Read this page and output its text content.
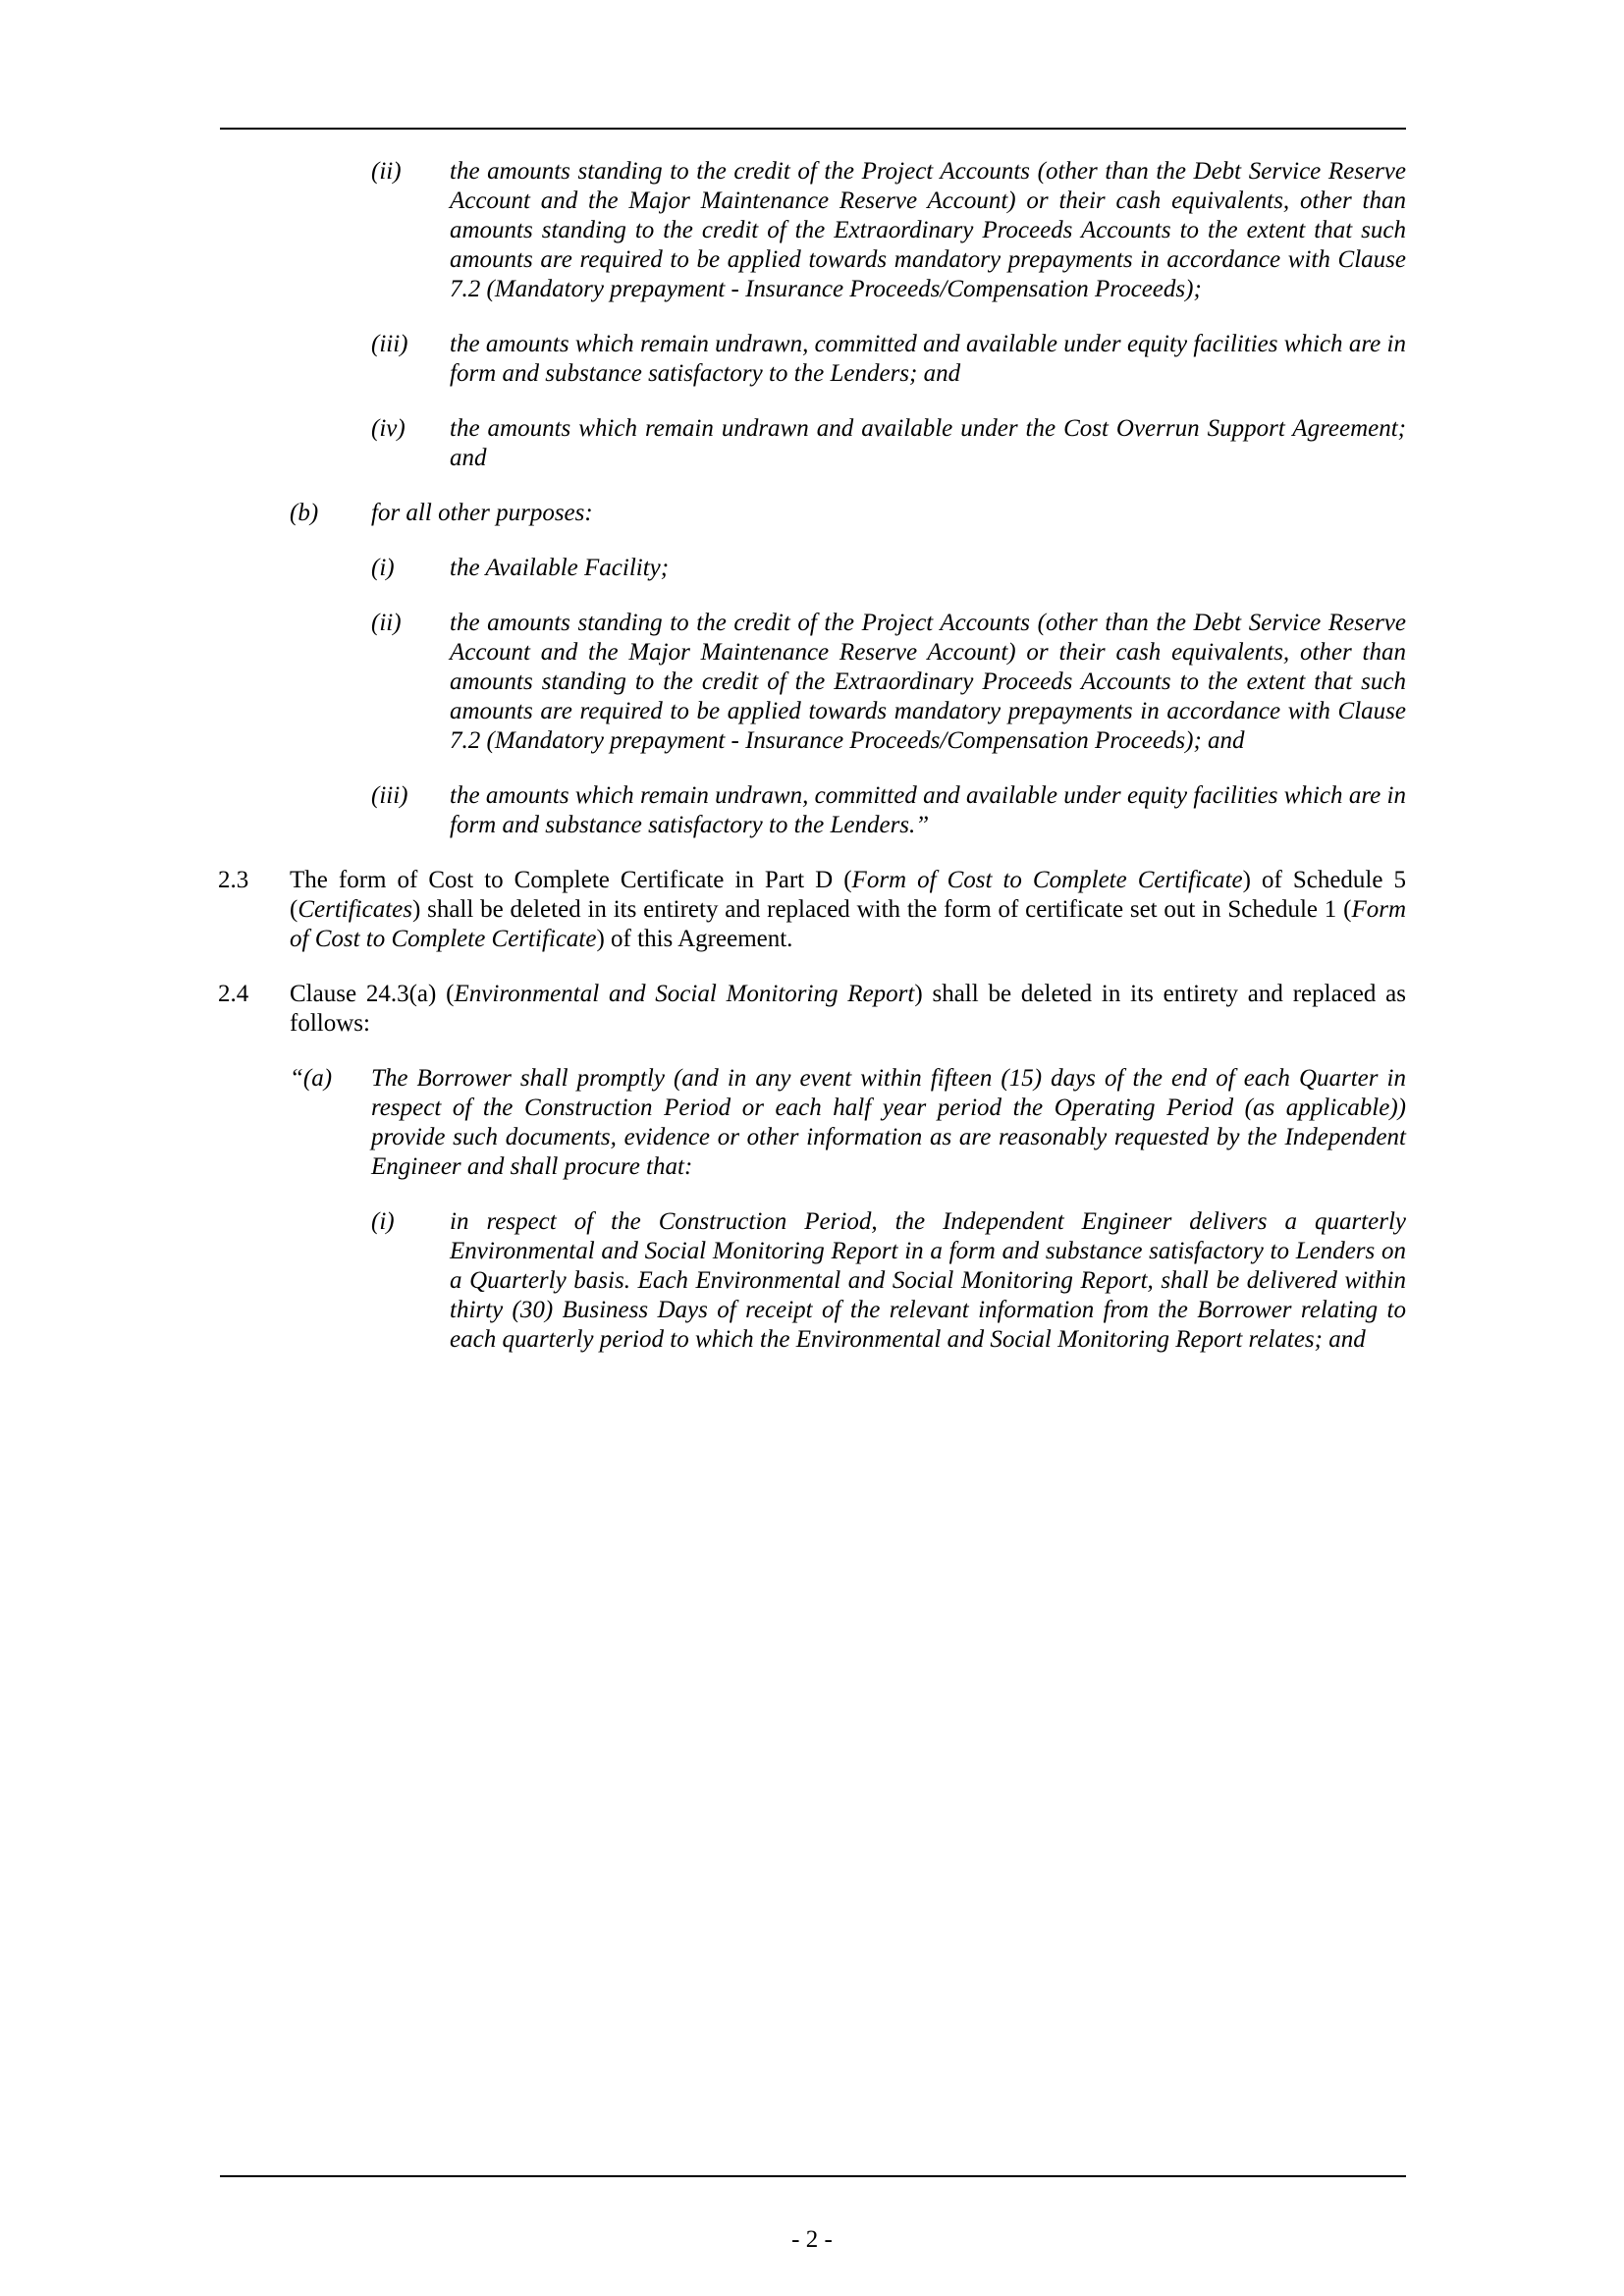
(ii)	the amounts standing to the credit of the Project Accounts (other than the Debt Service Reserve Account and the Major Maintenance Reserve Account) or their cash equivalents, other than amounts standing to the credit of the Extraordinary Proceeds Accounts to the extent that such amounts are required to be applied towards mandatory prepayments in accordance with Clause 7.2 (Mandatory prepayment - Insurance Proceeds/Compensation Proceeds);
(iii)	the amounts which remain undrawn, committed and available under equity facilities which are in form and substance satisfactory to the Lenders; and
(iv)	the amounts which remain undrawn and available under the Cost Overrun Support Agreement; and
(b)	for all other purposes:
(i)	the Available Facility;
(ii)	the amounts standing to the credit of the Project Accounts (other than the Debt Service Reserve Account and the Major Maintenance Reserve Account) or their cash equivalents, other than amounts standing to the credit of the Extraordinary Proceeds Accounts to the extent that such amounts are required to be applied towards mandatory prepayments in accordance with Clause 7.2 (Mandatory prepayment - Insurance Proceeds/Compensation Proceeds); and
(iii)	the amounts which remain undrawn, committed and available under equity facilities which are in form and substance satisfactory to the Lenders.”
2.3	The form of Cost to Complete Certificate in Part D (Form of Cost to Complete Certificate) of Schedule 5 (Certificates) shall be deleted in its entirety and replaced with the form of certificate set out in Schedule 1 (Form of Cost to Complete Certificate) of this Agreement.
2.4	Clause 24.3(a) (Environmental and Social Monitoring Report) shall be deleted in its entirety and replaced as follows:
“(a)	The Borrower shall promptly (and in any event within fifteen (15) days of the end of each Quarter in respect of the Construction Period or each half year period the Operating Period (as applicable)) provide such documents, evidence or other information as are reasonably requested by the Independent Engineer and shall procure that:
(i)	in respect of the Construction Period, the Independent Engineer delivers a quarterly Environmental and Social Monitoring Report in a form and substance satisfactory to Lenders on a Quarterly basis. Each Environmental and Social Monitoring Report, shall be delivered within thirty (30) Business Days of receipt of the relevant information from the Borrower relating to each quarterly period to which the Environmental and Social Monitoring Report relates; and
- 2 -
